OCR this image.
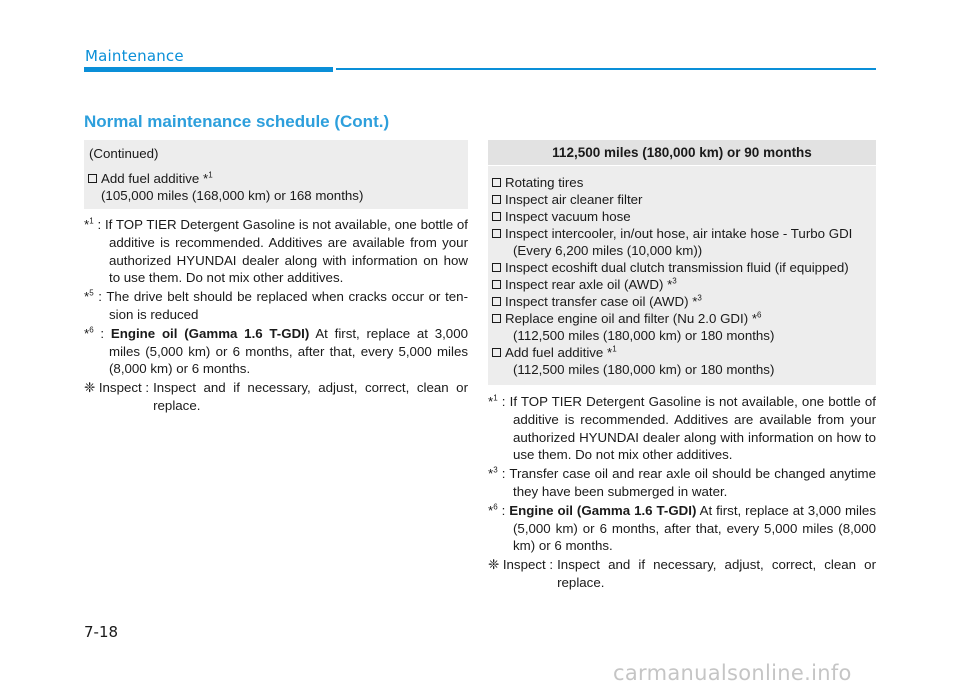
Maintenance
Normal maintenance schedule (Cont.)
(Continued)
Add fuel additive *$^1$
(105,000 miles (168,000 km) or 168 months)
*$^1$ : If TOP TIER Detergent Gasoline is not available, one bottle of additive is recommended. Additives are available from your authorized HYUNDAI dealer along with information on how to use them. Do not mix other additives.
*$^5$ : The drive belt should be replaced when cracks occur or tension is reduced
*$^6$ : Engine oil (Gamma 1.6 T-GDI) At first, replace at 3,000 miles (5,000 km) or 6 months, after that, every 5,000 miles (8,000 km) or 6 months.
❈ Inspect : Inspect and if necessary, adjust, correct, clean or replace.
112,500 miles (180,000 km) or 90 months
Rotating tires
Inspect air cleaner filter
Inspect vacuum hose
Inspect intercooler, in/out hose, air intake hose - Turbo GDI
(Every 6,200 miles (10,000 km))
Inspect ecoshift dual clutch transmission fluid (if equipped)
Inspect rear axle oil (AWD) *$^3$
Inspect transfer case oil (AWD) *$^3$
Replace engine oil and filter (Nu 2.0 GDI) *$^6$
(112,500 miles (180,000 km) or 180 months)
Add fuel additive *$^1$
(112,500 miles (180,000 km) or 180 months)
*$^1$ : If TOP TIER Detergent Gasoline is not available, one bottle of additive is recommended. Additives are available from your authorized HYUNDAI dealer along with information on how to use them. Do not mix other additives.
*$^3$ : Transfer case oil and rear axle oil should be changed anytime they have been submerged in water.
*$^6$ : Engine oil (Gamma 1.6 T-GDI) At first, replace at 3,000 miles (5,000 km) or 6 months, after that, every 5,000 miles (8,000 km) or 6 months.
❈ Inspect : Inspect and if necessary, adjust, correct, clean or replace.
7-18
carmanualsonline.info
